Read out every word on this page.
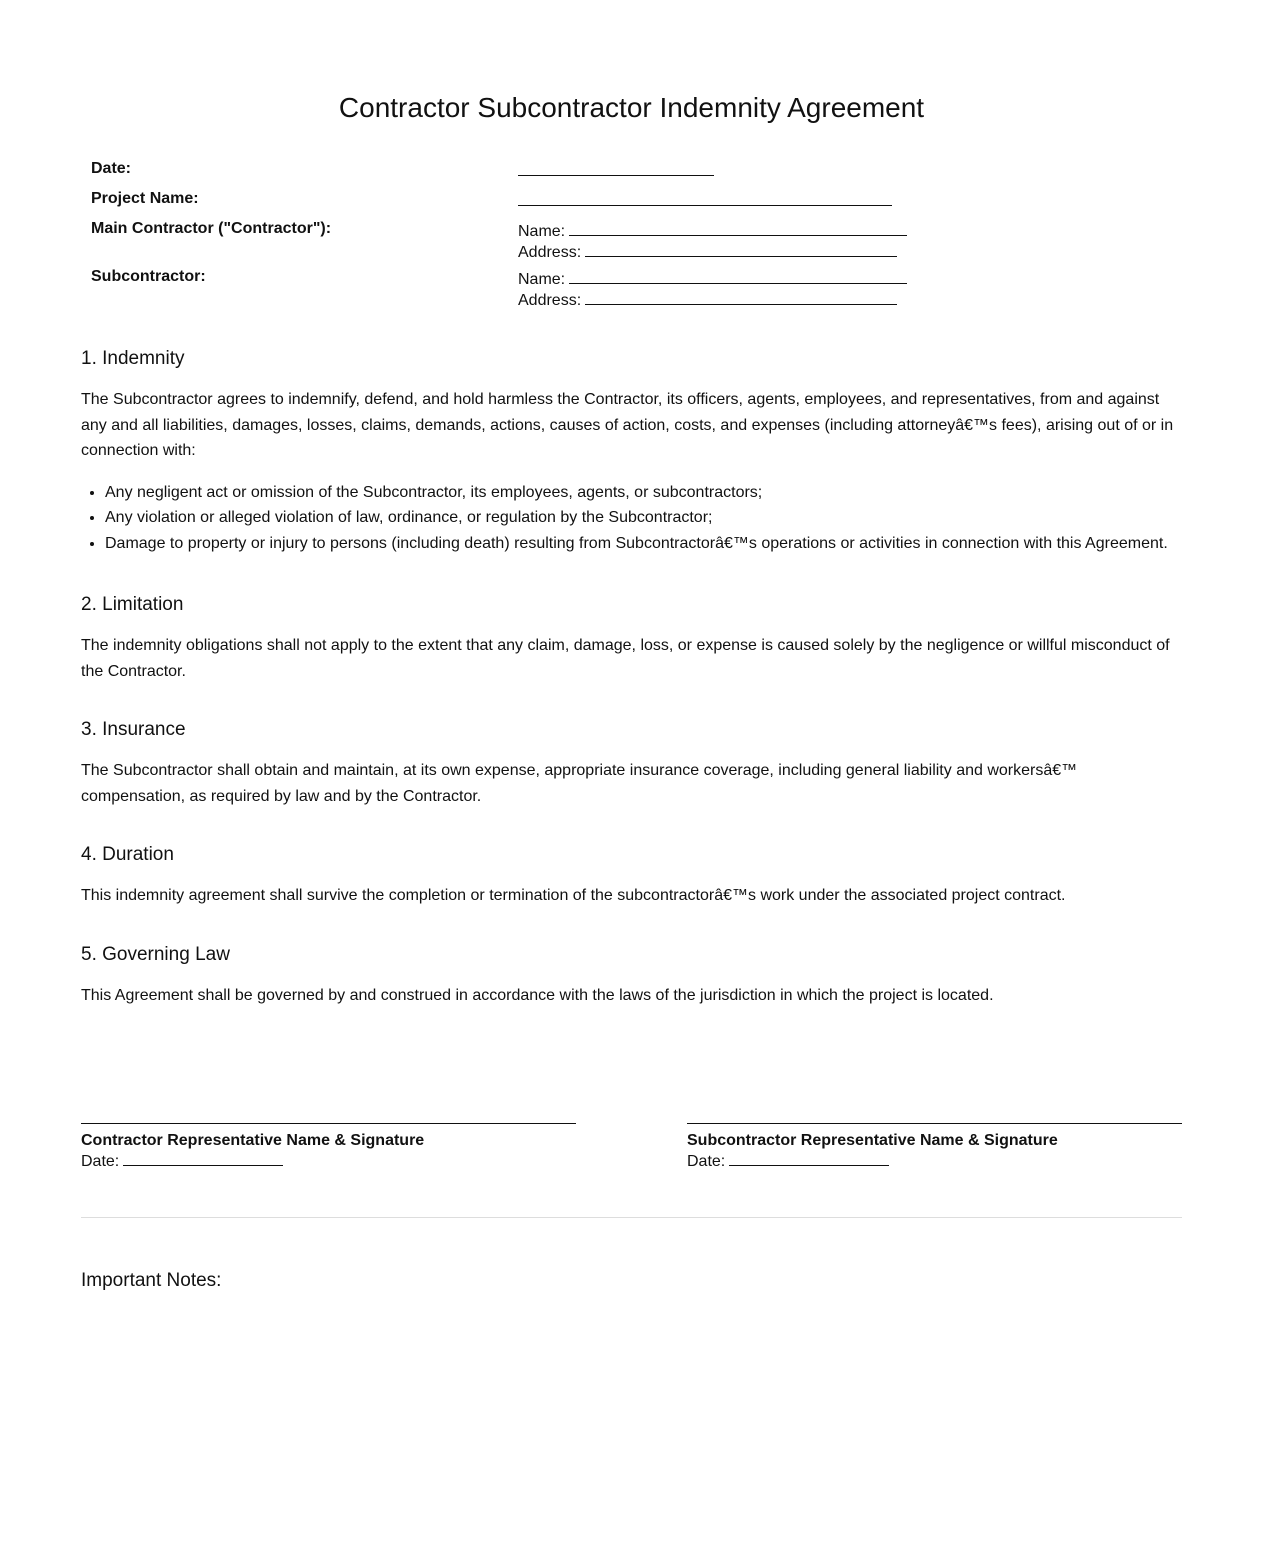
Contractor Subcontractor Indemnity Agreement
Date:
Project Name:
Main Contractor ("Contractor"):	Name:
Address:
Subcontractor:	Name:
Address:
1. Indemnity

The Subcontractor agrees to indemnify, defend, and hold harmless the Contractor, its officers, agents, employees, and representatives, from and against any and all liabilities, damages, losses, claims, demands, actions, causes of action, costs, and expenses (including attorneyâ€™s fees), arising out of or in connection with:

• Any negligent act or omission of the Subcontractor, its employees, agents, or subcontractors;
• Any violation or alleged violation of law, ordinance, or regulation by the Subcontractor;
• Damage to property or injury to persons (including death) resulting from Subcontractorâ€™s operations or activities in connection with this Agreement.
2. Limitation

The indemnity obligations shall not apply to the extent that any claim, damage, loss, or expense is caused solely by the negligence or willful misconduct of the Contractor.

3. Insurance

The Subcontractor shall obtain and maintain, at its own expense, appropriate insurance coverage, including general liability and workersâ€™ compensation, as required by law and by the Contractor.

4. Duration

This indemnity agreement shall survive the completion or termination of the subcontractorâ€™s work under the associated project contract.

5. Governing Law

This Agreement shall be governed by and construed in accordance with the laws of the jurisdiction in which the project is located.

Contractor Representative Name & Signature
Date:
Subcontractor Representative Name & Signature
Date:
Important Notes:
